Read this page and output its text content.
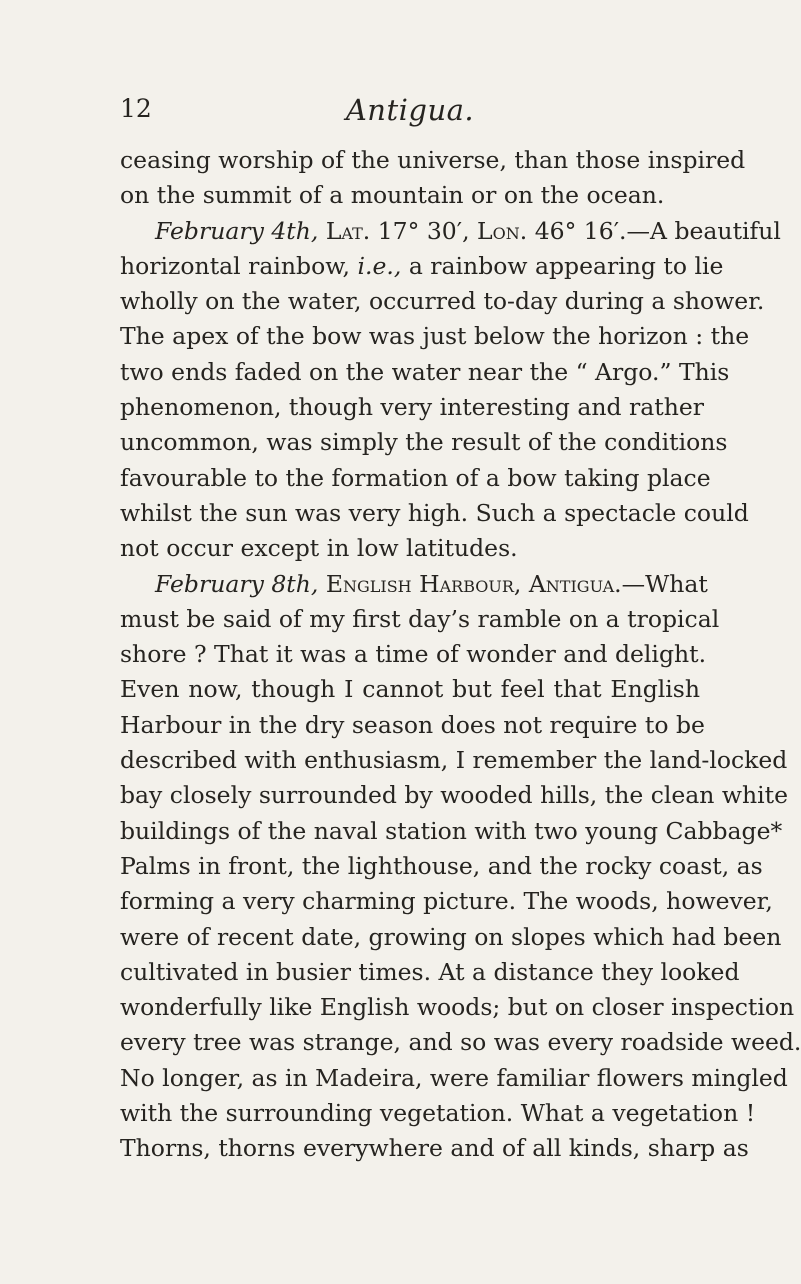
12	Antigua.
ceasing worship of the universe, than those inspired
on the summit of a mountain or on the ocean.
February 4th, Lat. 17° 30′, Lon. 46° 16′.—A beautiful
horizontal rainbow, i.e., a rainbow appearing to lie
wholly on the water, occurred to-day during a shower.
The apex of the bow was just below the horizon : the
two ends faded on the water near the “ Argo.” This
phenomenon, though very interesting and rather
uncommon, was simply the result of the conditions
favourable to the formation of a bow taking place
whilst the sun was very high. Such a spectacle could
not occur except in low latitudes.
February 8th, English Harbour, Antigua.—What
must be said of my first day’s ramble on a tropical
shore ? That it was a time of wonder and delight.
Even now, though I cannot but feel that English
Harbour in the dry season does not require to be
described with enthusiasm, I remember the land-locked
bay closely surrounded by wooded hills, the clean white
buildings of the naval station with two young Cabbage*
Palms in front, the lighthouse, and the rocky coast, as
forming a very charming picture. The woods, however,
were of recent date, growing on slopes which had been
cultivated in busier times. At a distance they looked
wonderfully like English woods; but on closer inspection
every tree was strange, and so was every roadside weed.
No longer, as in Madeira, were familiar flowers mingled
with the surrounding vegetation. What a vegetation !
Thorns, thorns everywhere and of all kinds, sharp as
